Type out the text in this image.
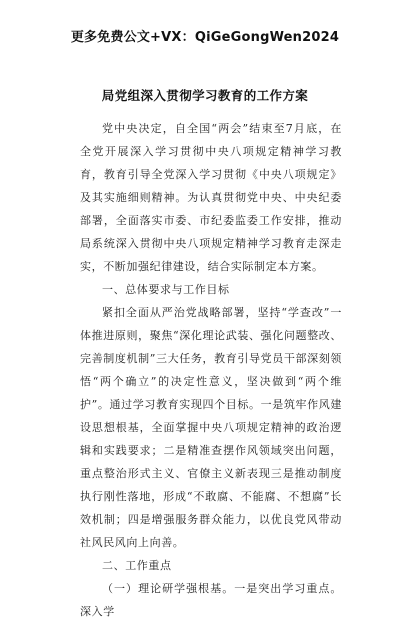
更多免费公文+VX：QiGeGongWen2024
局党组深入贯彻学习教育的工作方案

党中央决定，自全国“两会”结束至7月底，在全党开展深入学习贯彻中央八项规定精神学习教育，教育引导全党深入学习贯彻《中央八项规定》及其实施细则精神。为认真贯彻党中央、中央纪委部署，全面落实市委、市纪委监委工作安排，推动局系统深入贯彻中央八项规定精神学习教育走深走实，不断加强纪律建设，结合实际制定本方案。

一、总体要求与工作目标

紧扣全面从严治党战略部署，坚持“学查改”一体推进原则，聚焦“深化理论武装、强化问题整改、完善制度机制”三大任务，教育引导党员干部深刻领悟“两个确立”的决定性意义，坚决做到“两个维护”。通过学习教育实现四个目标。一是筑牢作风建设思想根基，全面掌握中央八项规定精神的政治逻辑和实践要求；二是精准查摆作风领域突出问题，重点整治形式主义、官僚主义新表现三是推动制度执行刚性落地，形成“不敢腐、不能腐、不想腐”长效机制；四是增强服务群众能力，以优良党风带动社风民风向上向善。

二、工作重点

（一）理论研学强根基。一是突出学习重点。深入学
